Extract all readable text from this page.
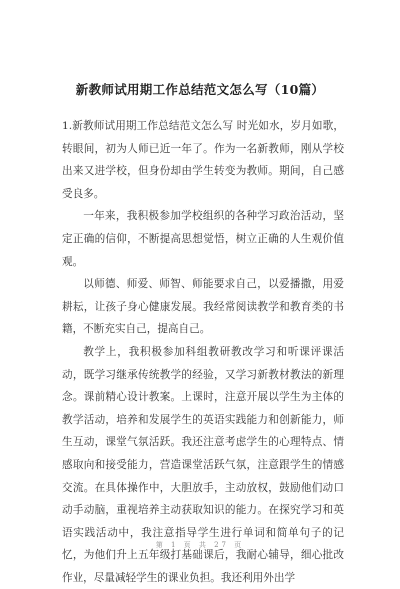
新教师试用期工作总结范文怎么写（10篇）

1.新教师试用期工作总结范文怎么写 时光如水，岁月如歌，转眼间，初为人师已近一年了。作为一名新教师，刚从学校出来又进学校，但身份却由学生转变为教师。期间，自己感受良多。

一年来，我积极参加学校组织的各种学习政治活动，坚定正确的信仰，不断提高思想觉悟，树立正确的人生观价值观。

以师德、师爱、师智、师能要求自己，以爱播撒，用爱耕耘，让孩子身心健康发展。我经常阅读教学和教育类的书籍，不断充实自己，提高自己。

教学上，我积极参加科组教研教改学习和听课评课活动，既学习继承传统教学的经验，又学习新教材教法的新理念。课前精心设计教案。上课时，注意开展以学生为主体的教学活动，培养和发展学生的英语实践能力和创新能力，师生互动，课堂气氛活跃。我还注意考虑学生的心理特点、情感取向和接受能力，营造课堂活跃气氛，注意跟学生的情感交流。在具体操作中，大胆放手，主动放权，鼓励他们动口动手动脑，重视培养主动获取知识的能力。在探究学习和英语实践活动中，我注意指导学生进行单词和简单句子的记忆，为他们升上五年级打基础课后，我耐心辅导，细心批改作业，尽量减轻学生的课业负担。我还利用外出学

第 1 页 共 27 页
